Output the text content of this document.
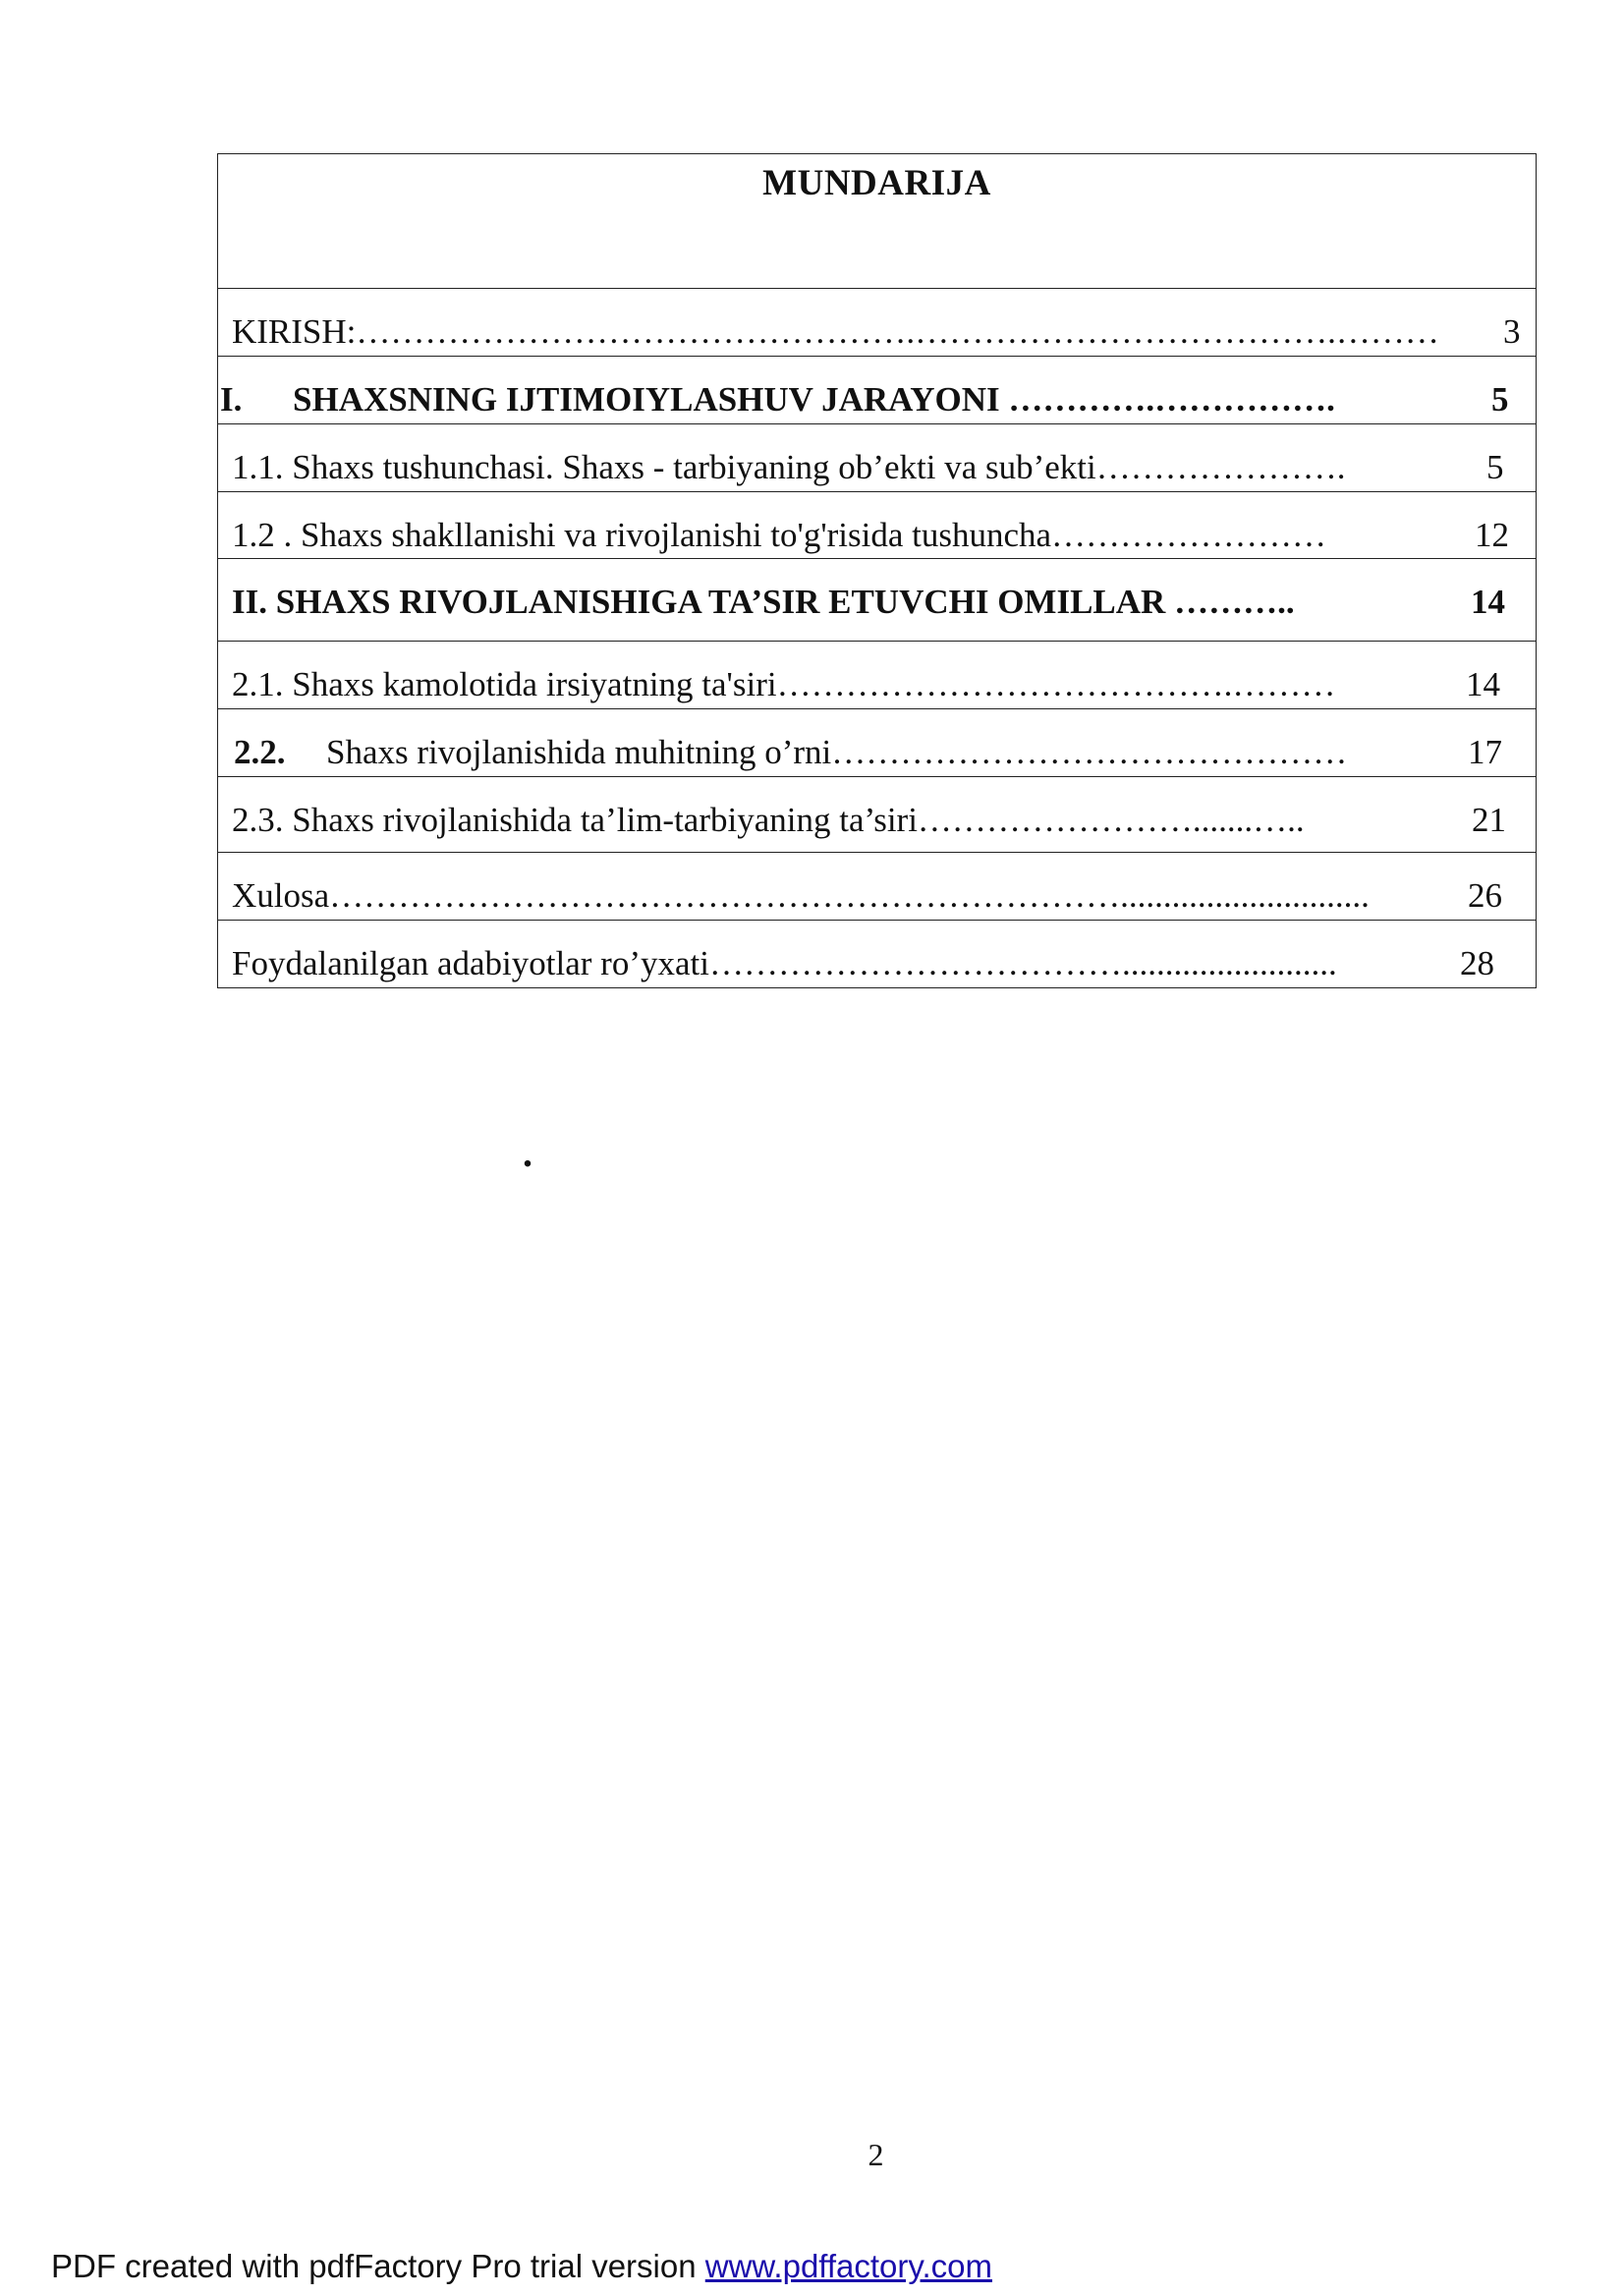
MUNDARIJA
KIRISH:………………………………………….……………………………….……… 3
I. SHAXSNING IJTIMOIYLASHUV JARAYONI ………….…………….	5
1.1. Shaxs tushunchasi. Shaxs - tarbiyaning ob’ekti va sub’ekti………………….	5
1.2 . Shaxs shakllanishi va rivojlanishi to'g'risida tushuncha……………………	12
II. SHAXS RIVOJLANISHIGA TA’SIR ETUVCHI OMILLAR ………..	14
2.1. Shaxs kamolotida irsiyatning ta'siri………………………………….………	14
2.2. Shaxs rivojlanishida muhitning o’rni………………………………………	17
2.3. Shaxs rivojlanishida ta’lim-tarbiyaning ta’siri…………………….......…..	21
Xulosa…………………………………………………………….............................	26
Foydalanilgan adabiyotlar ro’yxati……………………………….........................	28
.
2
PDF created with pdfFactory Pro trial version www.pdffactory.com
